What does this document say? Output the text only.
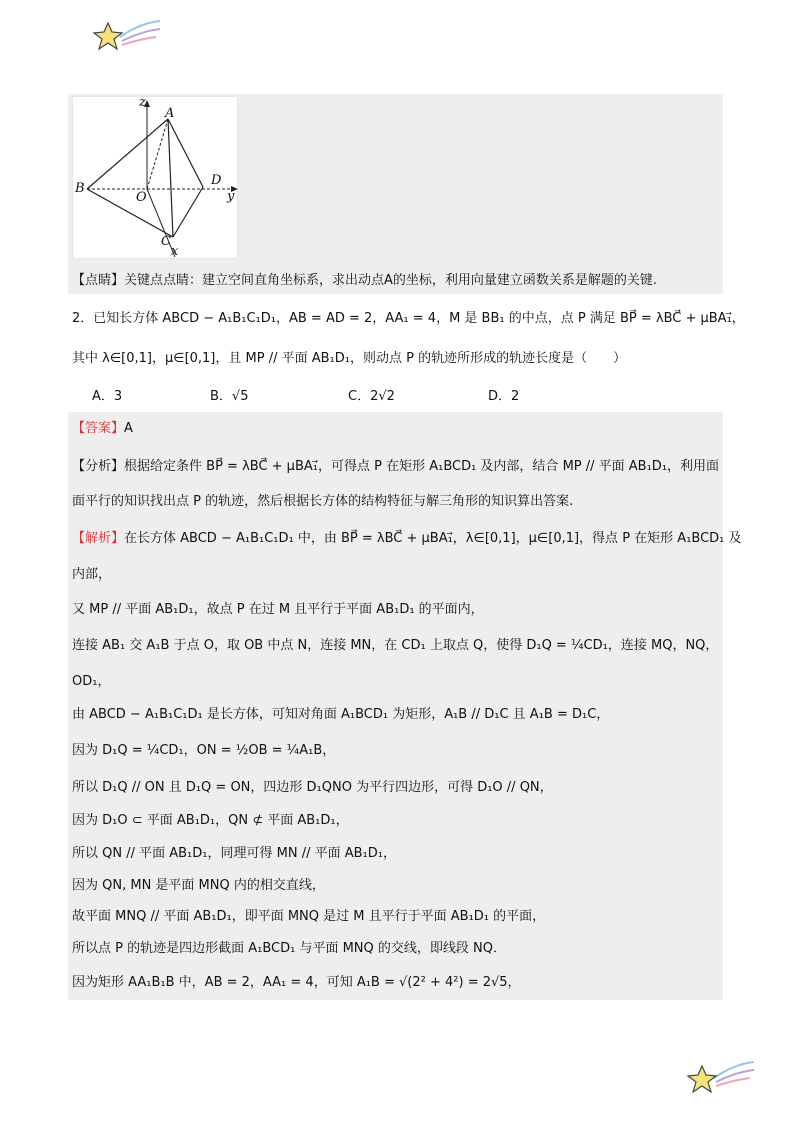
z
A
B
O
D
y
C
x
【点睛】关键点点睛：建立空间直角坐标系，求出动点A的坐标，利用向量建立函数关系是解题的关键.
2．已知长方体 ABCD − A₁B₁C₁D₁，AB = AD = 2，AA₁ = 4，M 是 BB₁ 的中点，点 P 满足 BP⃗ = λBC⃗ + μBA₁⃗，
其中 λ∈[0,1]，μ∈[0,1]，且 MP // 平面 AB₁D₁，则动点 P 的轨迹所形成的轨迹长度是（　　）
A．3	B．√5	C．2√2	D．2
【答案】A
【分析】根据给定条件 BP⃗ = λBC⃗ + μBA₁⃗，可得点 P 在矩形 A₁BCD₁ 及内部，结合 MP // 平面 AB₁D₁，利用面
面平行的知识找出点 P 的轨迹，然后根据长方体的结构特征与解三角形的知识算出答案.
【解析】在长方体 ABCD − A₁B₁C₁D₁ 中，由 BP⃗ = λBC⃗ + μBA₁⃗，λ∈[0,1]，μ∈[0,1]，得点 P 在矩形 A₁BCD₁ 及
内部，
又 MP // 平面 AB₁D₁，故点 P 在过 M 且平行于平面 AB₁D₁ 的平面内，
连接 AB₁ 交 A₁B 于点 O，取 OB 中点 N，连接 MN，在 CD₁ 上取点 Q，使得 D₁Q = ¼CD₁，连接 MQ，NQ，
OD₁，
由 ABCD − A₁B₁C₁D₁ 是长方体，可知对角面 A₁BCD₁ 为矩形，A₁B // D₁C 且 A₁B = D₁C，
因为 D₁Q = ¼CD₁，ON = ½OB = ¼A₁B，
所以 D₁Q // ON 且 D₁Q = ON，四边形 D₁QNO 为平行四边形，可得 D₁O // QN，
因为 D₁O ⊂ 平面 AB₁D₁，QN ⊄ 平面 AB₁D₁，
所以 QN // 平面 AB₁D₁，同理可得 MN // 平面 AB₁D₁，
因为 QN, MN 是平面 MNQ 内的相交直线，
故平面 MNQ // 平面 AB₁D₁，即平面 MNQ 是过 M 且平行于平面 AB₁D₁ 的平面，
所以点 P 的轨迹是四边形截面 A₁BCD₁ 与平面 MNQ 的交线，即线段 NQ．
因为矩形 AA₁B₁B 中，AB = 2，AA₁ = 4，可知 A₁B = √(2² + 4²) = 2√5，
